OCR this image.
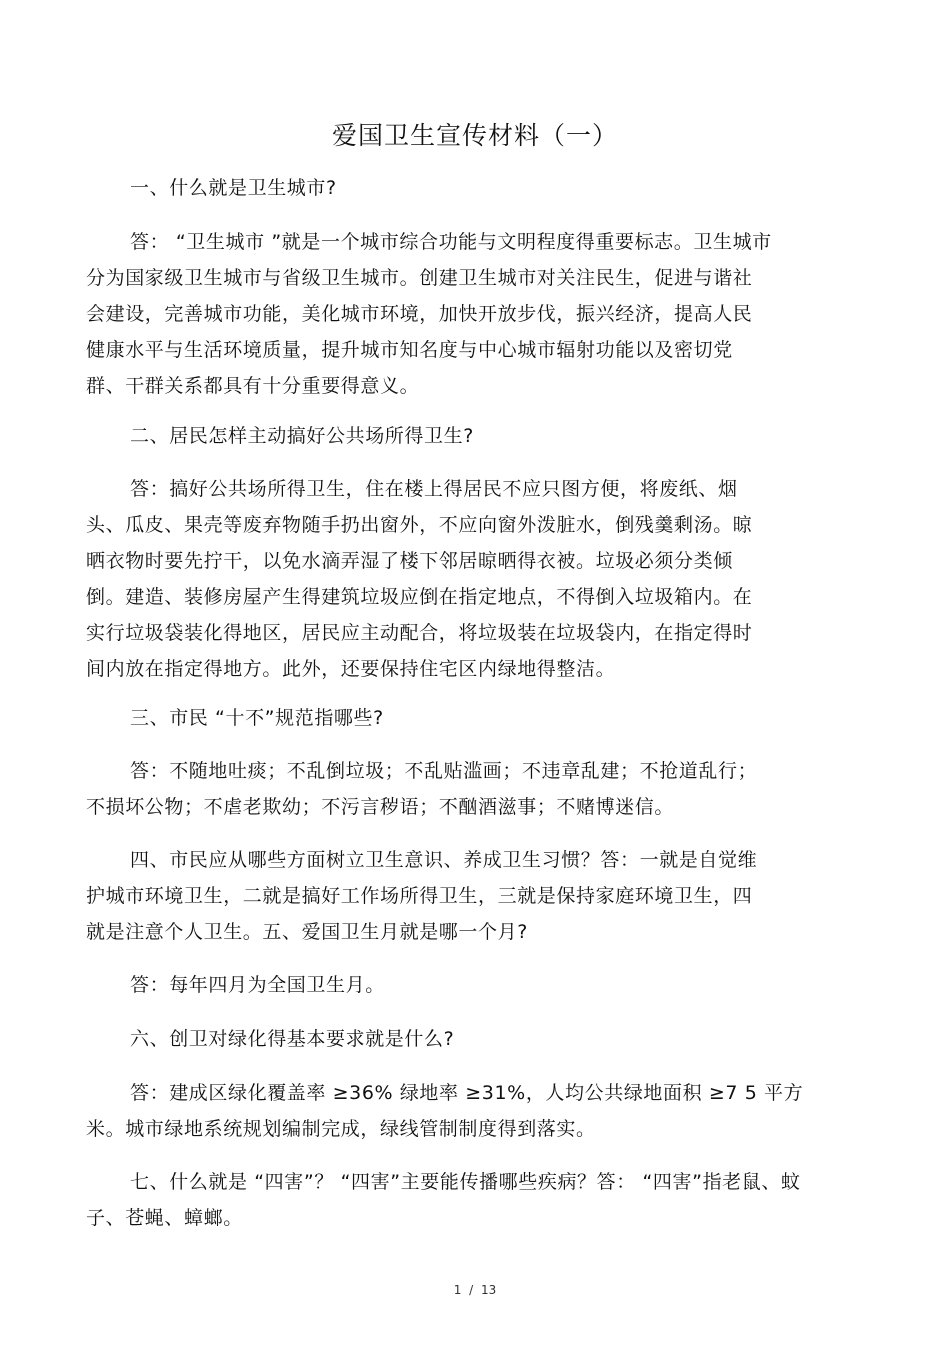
爱国卫生宣传材料（一）
一、什么就是卫生城市?
答： “卫生城市 ”就是一个城市综合功能与文明程度得重要标志。卫生城市
分为国家级卫生城市与省级卫生城市。创建卫生城市对关注民生，促进与谐社
会建设，完善城市功能，美化城市环境，加快开放步伐，振兴经济，提高人民
健康水平与生活环境质量，提升城市知名度与中心城市辐射功能以及密切党
群、干群关系都具有十分重要得意义。
二、居民怎样主动搞好公共场所得卫生?
答：搞好公共场所得卫生，住在楼上得居民不应只图方便，将废纸、烟
头、瓜皮、果壳等废弃物随手扔出窗外，不应向窗外泼脏水，倒残羹剩汤。晾
晒衣物时要先拧干，以免水滴弄湿了楼下邻居晾晒得衣被。垃圾必须分类倾
倒。建造、装修房屋产生得建筑垃圾应倒在指定地点，不得倒入垃圾箱内。在
实行垃圾袋装化得地区，居民应主动配合，将垃圾装在垃圾袋内，在指定得时
间内放在指定得地方。此外，还要保持住宅区内绿地得整洁。
三、市民 “十不”规范指哪些?
答：不随地吐痰；不乱倒垃圾；不乱贴滥画；不违章乱建；不抢道乱行；
不损坏公物；不虐老欺幼；不污言秽语；不酗酒滋事；不赌博迷信。
四、市民应从哪些方面树立卫生意识、养成卫生习惯？答：一就是自觉维
护城市环境卫生，二就是搞好工作场所得卫生，三就是保持家庭环境卫生，四
就是注意个人卫生。五、爱国卫生月就是哪一个月?
答：每年四月为全国卫生月。
六、创卫对绿化得基本要求就是什么?
答：建成区绿化覆盖率 ≥36% 绿地率 ≥31%，人均公共绿地面积 ≥7 5 平方
米。城市绿地系统规划编制完成，绿线管制制度得到落实。
七、什么就是 “四害”？ “四害”主要能传播哪些疾病？答： “四害”指老鼠、蚊
子、苍蝇、蟑螂。
1 / 13
